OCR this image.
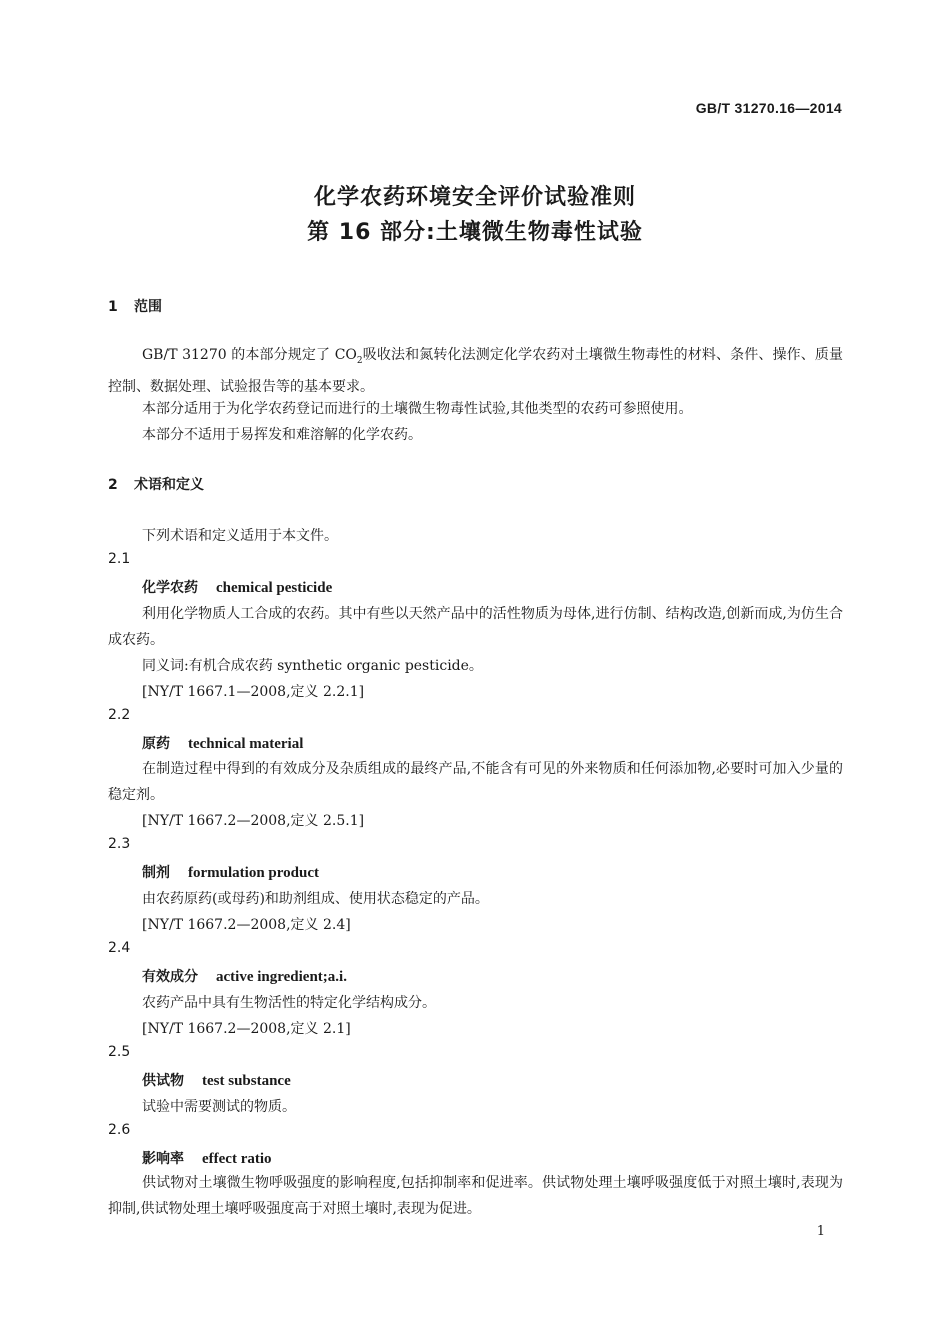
GB/T 31270.16—2014
化学农药环境安全评价试验准则
第 16 部分:土壤微生物毒性试验
1 范围
GB/T 31270 的本部分规定了 $CO_2$吸收法和氮转化法测定化学农药对土壤微生物毒性的材料、条件、操作、质量控制、数据处理、试验报告等的基本要求。
本部分适用于为化学农药登记而进行的土壤微生物毒性试验,其他类型的农药可参照使用。
本部分不适用于易挥发和难溶解的化学农药。
2 术语和定义
下列术语和定义适用于本文件。
2.1
化学农药 chemical pesticide
利用化学物质人工合成的农药。其中有些以天然产品中的活性物质为母体,进行仿制、结构改造,创新而成,为仿生合成农药。
同义词:有机合成农药 synthetic organic pesticide。
[NY/T 1667.1—2008,定义 2.2.1]
2.2
原药 technical material
在制造过程中得到的有效成分及杂质组成的最终产品,不能含有可见的外来物质和任何添加物,必要时可加入少量的稳定剂。
[NY/T 1667.2—2008,定义 2.5.1]
2.3
制剂 formulation product
由农药原药(或母药)和助剂组成、使用状态稳定的产品。
[NY/T 1667.2—2008,定义 2.4]
2.4
有效成分 active ingredient;a.i.
农药产品中具有生物活性的特定化学结构成分。
[NY/T 1667.2—2008,定义 2.1]
2.5
供试物 test substance
试验中需要测试的物质。
2.6
影响率 effect ratio
供试物对土壤微生物呼吸强度的影响程度,包括抑制率和促进率。供试物处理土壤呼吸强度低于对照土壤时,表现为抑制,供试物处理土壤呼吸强度高于对照土壤时,表现为促进。
1
